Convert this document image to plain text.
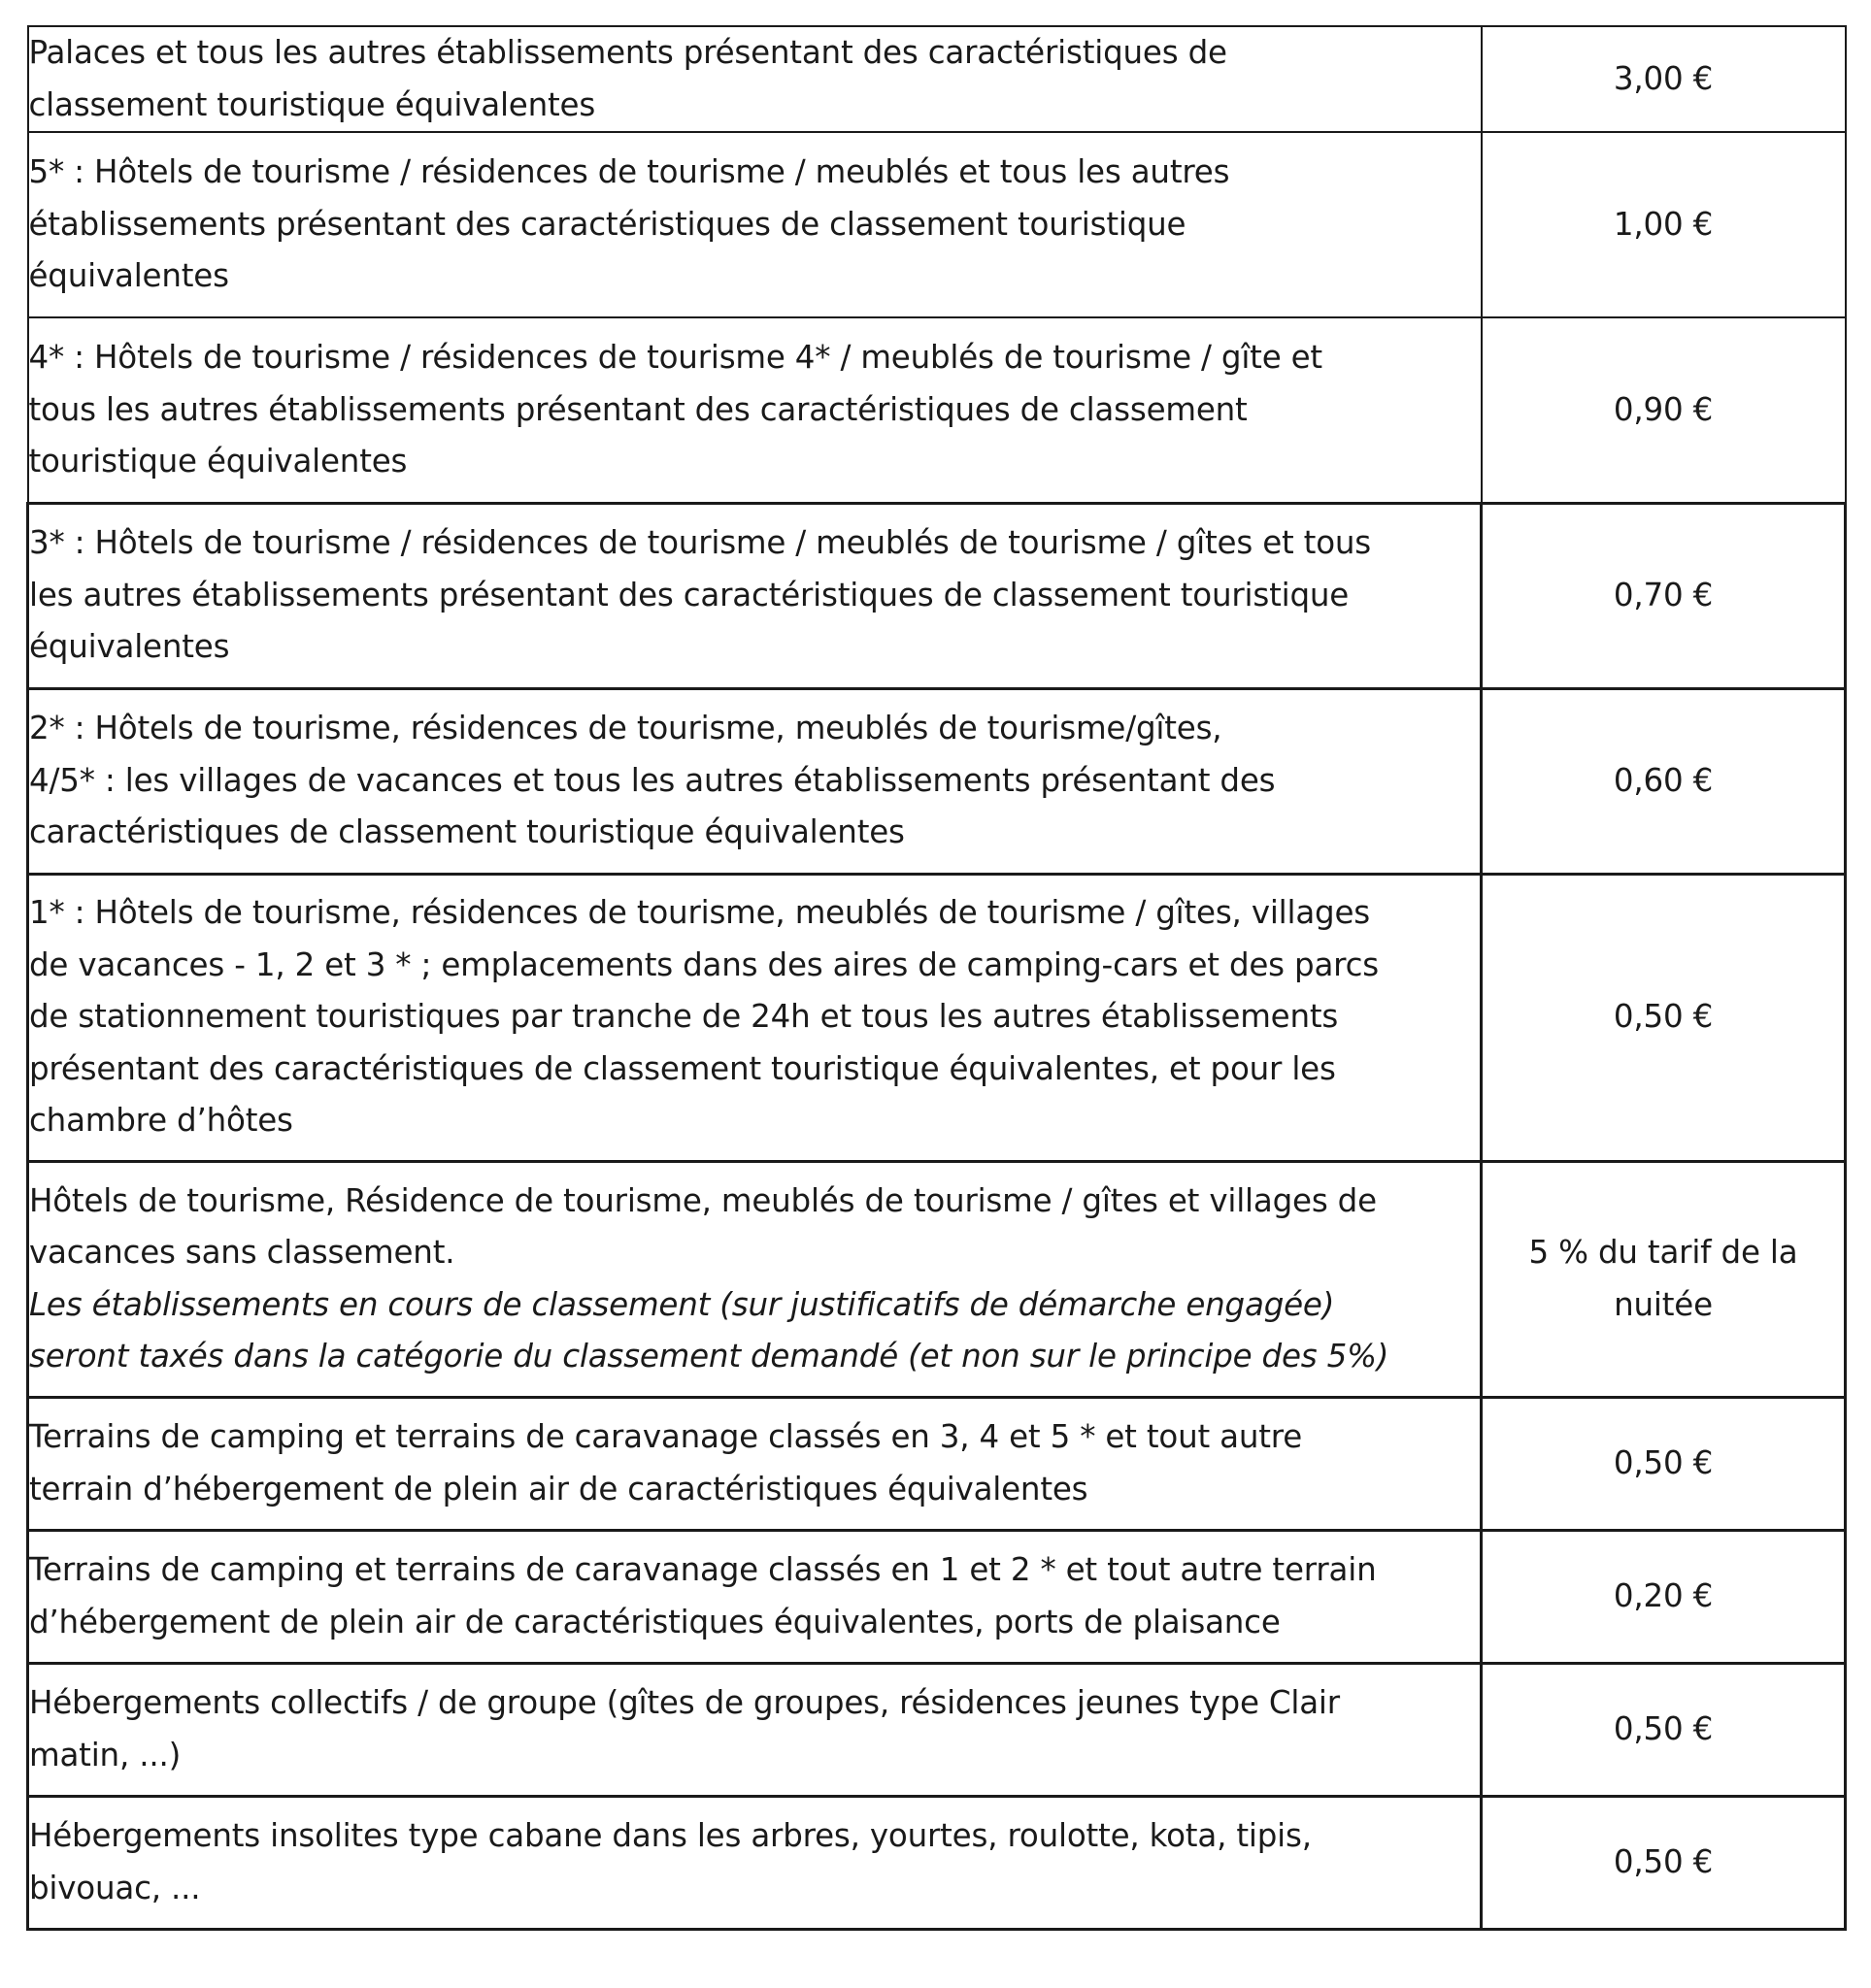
Palaces et tous les autres établissements présentant des caractéristiques de
classement touristique équivalentes	3,00 €

5* : Hôtels de tourisme / résidences de tourisme / meublés et tous les autres
établissements présentant des caractéristiques de classement touristique
équivalentes	1,00 €

4* : Hôtels de tourisme / résidences de tourisme 4* / meublés de tourisme / gîte et
tous les autres établissements présentant des caractéristiques de classement
touristique équivalentes	0,90 €

3* : Hôtels de tourisme / résidences de tourisme / meublés de tourisme / gîtes et tous
les autres établissements présentant des caractéristiques de classement touristique
équivalentes	0,70 €

2* : Hôtels de tourisme, résidences de tourisme, meublés de tourisme/gîtes,
4/5* : les villages de vacances et tous les autres établissements présentant des
caractéristiques de classement touristique équivalentes	0,60 €

1* : Hôtels de tourisme, résidences de tourisme, meublés de tourisme / gîtes, villages
de vacances - 1, 2 et 3 * ; emplacements dans des aires de camping-cars et des parcs
de stationnement touristiques par tranche de 24h et tous les autres établissements
présentant des caractéristiques de classement touristique équivalentes, et pour les
chambre d’hôtes	0,50 €

Hôtels de tourisme, Résidence de tourisme, meublés de tourisme / gîtes et villages de
vacances sans classement.
Les établissements en cours de classement (sur justificatifs de démarche engagée)
seront taxés dans la catégorie du classement demandé (et non sur le principe des 5%)	5 % du tarif de la
nuitée

Terrains de camping et terrains de caravanage classés en 3, 4 et 5 * et tout autre
terrain d’hébergement de plein air de caractéristiques équivalentes	0,50 €

Terrains de camping et terrains de caravanage classés en 1 et 2 * et tout autre terrain
d’hébergement de plein air de caractéristiques équivalentes, ports de plaisance	0,20 €

Hébergements collectifs / de groupe (gîtes de groupes, résidences jeunes type Clair
matin, ...)	0,50 €

Hébergements insolites type cabane dans les arbres, yourtes, roulotte, kota, tipis,
bivouac, ...	0,50 €
